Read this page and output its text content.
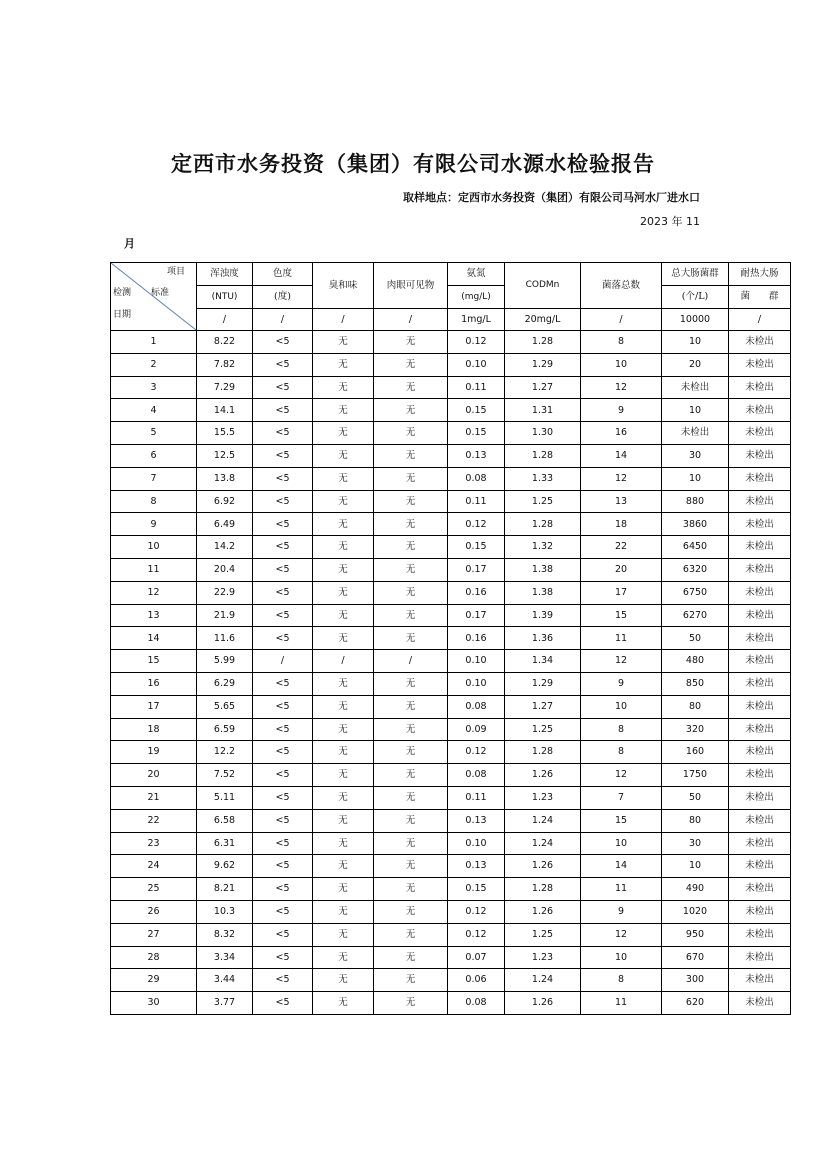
定西市水务投资（集团）有限公司水源水检验报告
取样地点：定西市水务投资（集团）有限公司马河水厂进水口
2023 年 11
月
项目
检测 标准
日期	浑浊度	色度	臭和味	肉眼可见物	氨氮	CODMn	菌落总数	总大肠菌群	耐热大肠
	(NTU)	(度)			(mg/L)			(个/L)	菌　　群
	/	/	/	/	1mg/L	20mg/L	/	10000	/
1	8.22	<5	无	无	0.12	1.28	8	10	未检出
2	7.82	<5	无	无	0.10	1.29	10	20	未检出
3	7.29	<5	无	无	0.11	1.27	12	未检出	未检出
4	14.1	<5	无	无	0.15	1.31	9	10	未检出
5	15.5	<5	无	无	0.15	1.30	16	未检出	未检出
6	12.5	<5	无	无	0.13	1.28	14	30	未检出
7	13.8	<5	无	无	0.08	1.33	12	10	未检出
8	6.92	<5	无	无	0.11	1.25	13	880	未检出
9	6.49	<5	无	无	0.12	1.28	18	3860	未检出
10	14.2	<5	无	无	0.15	1.32	22	6450	未检出
11	20.4	<5	无	无	0.17	1.38	20	6320	未检出
12	22.9	<5	无	无	0.16	1.38	17	6750	未检出
13	21.9	<5	无	无	0.17	1.39	15	6270	未检出
14	11.6	<5	无	无	0.16	1.36	11	50	未检出
15	5.99	/	/	/	0.10	1.34	12	480	未检出
16	6.29	<5	无	无	0.10	1.29	9	850	未检出
17	5.65	<5	无	无	0.08	1.27	10	80	未检出
18	6.59	<5	无	无	0.09	1.25	8	320	未检出
19	12.2	<5	无	无	0.12	1.28	8	160	未检出
20	7.52	<5	无	无	0.08	1.26	12	1750	未检出
21	5.11	<5	无	无	0.11	1.23	7	50	未检出
22	6.58	<5	无	无	0.13	1.24	15	80	未检出
23	6.31	<5	无	无	0.10	1.24	10	30	未检出
24	9.62	<5	无	无	0.13	1.26	14	10	未检出
25	8.21	<5	无	无	0.15	1.28	11	490	未检出
26	10.3	<5	无	无	0.12	1.26	9	1020	未检出
27	8.32	<5	无	无	0.12	1.25	12	950	未检出
28	3.34	<5	无	无	0.07	1.23	10	670	未检出
29	3.44	<5	无	无	0.06	1.24	8	300	未检出
30	3.77	<5	无	无	0.08	1.26	11	620	未检出
